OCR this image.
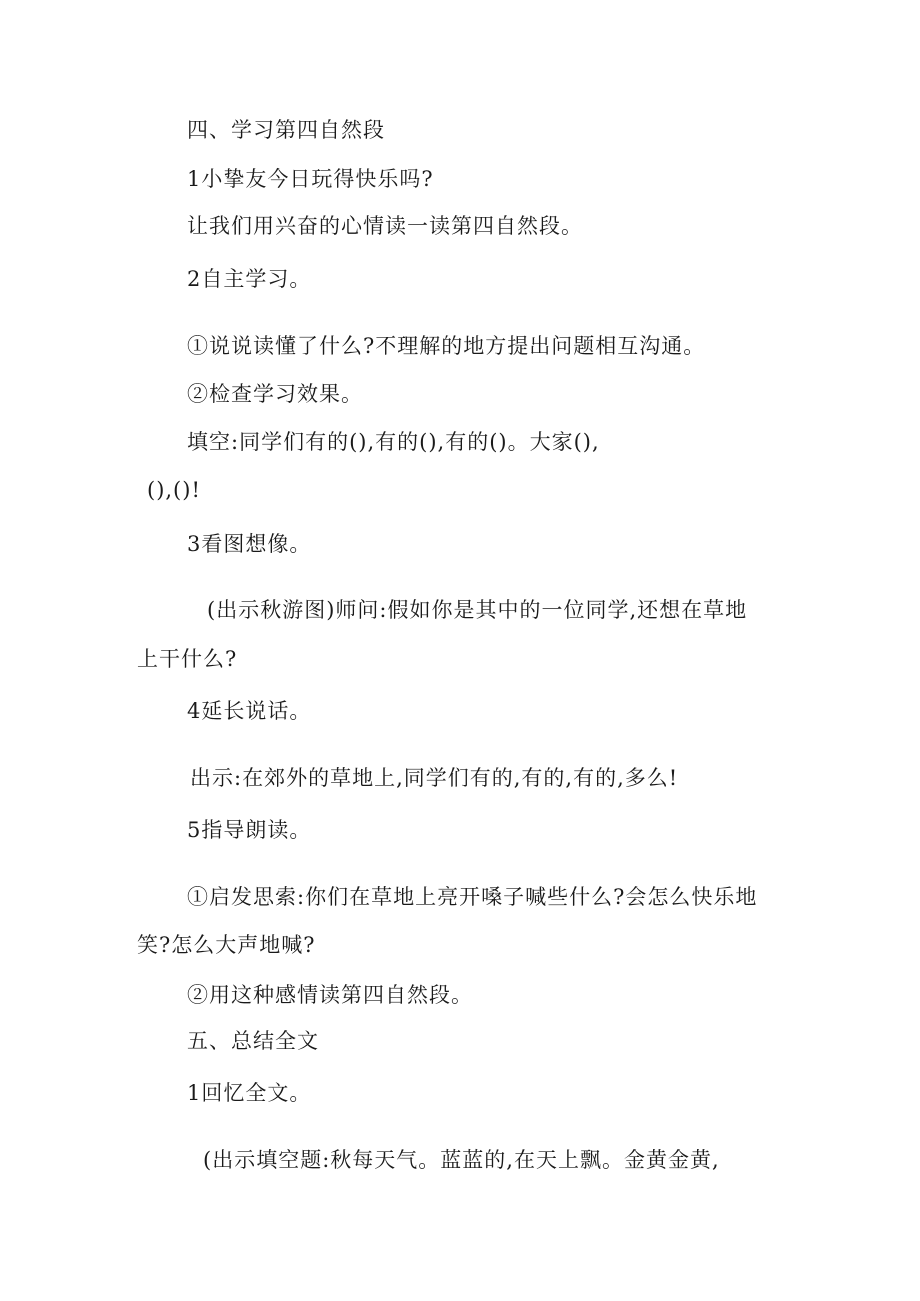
四、学习第四自然段
1小挚友今日玩得快乐吗?
让我们用兴奋的心情读一读第四自然段。
2自主学习。
①说说读懂了什么?不理解的地方提出问题相互沟通。
②检查学习效果。
填空:同学们有的(),有的(),有的()。大家(),
(),()!
3看图想像。
(出示秋游图)师问:假如你是其中的一位同学,还想在草地
上干什么?
4延长说话。
出示:在郊外的草地上,同学们有的,有的,有的,多么!
5指导朗读。
①启发思索:你们在草地上亮开嗓子喊些什么?会怎么快乐地
笑?怎么大声地喊?
②用这种感情读第四自然段。
五、总结全文
1回忆全文。
(出示填空题:秋每天气。蓝蓝的,在天上飘。金黄金黄,
